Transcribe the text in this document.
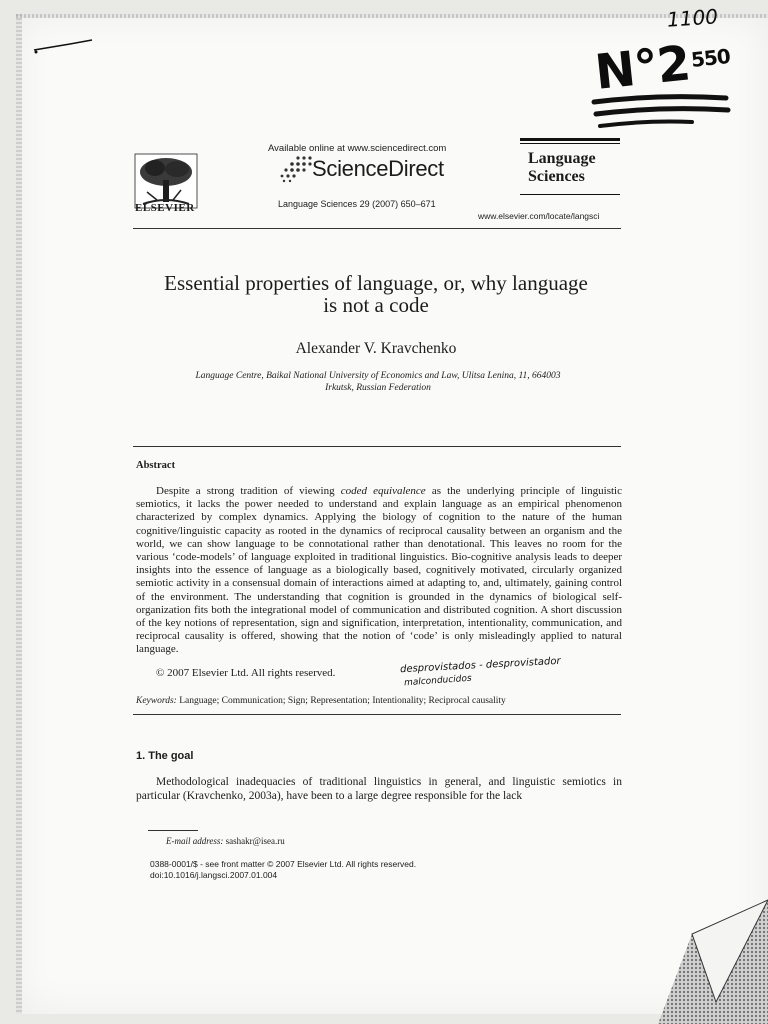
1100
$N^\circ 2^{550}$
ELSEVIER
Available online at www.sciencedirect.com
ScienceDirect
Language Sciences 29 (2007) 650–671
Language
Sciences
www.elsevier.com/locate/langsci
Essential properties of language, or, why language
is not a code
Alexander V. Kravchenko
Language Centre, Baikal National University of Economics and Law, Ulitsa Lenina, 11, 664003
Irkutsk, Russian Federation
Abstract
Despite a strong tradition of viewing coded equivalence as the underlying principle of linguistic semiotics, it lacks the power needed to understand and explain language as an empirical phenomenon characterized by complex dynamics. Applying the biology of cognition to the nature of the human cognitive/linguistic capacity as rooted in the dynamics of reciprocal causality between an organism and the world, we can show language to be connotational rather than denotational. This leaves no room for the various ‘code-models’ of language exploited in traditional linguistics. Bio-cognitive analysis leads to deeper insights into the essence of language as a biologically based, cognitively motivated, circularly organized semiotic activity in a consensual domain of interactions aimed at adapting to, and, ultimately, gaining control of the environment. The understanding that cognition is grounded in the dynamics of biological self-organization fits both the integrational model of communication and distributed cognition. A short discussion of the key notions of representation, sign and signification, interpretation, intentionality, communication, and reciprocal causality is offered, showing that the notion of ‘code’ is only misleadingly applied to natural language.
© 2007 Elsevier Ltd. All rights reserved.	desprovistados - desprovistador
malconducidos
Keywords: Language; Communication; Sign; Representation; Intentionality; Reciprocal causality
1. The goal
Methodological inadequacies of traditional linguistics in general, and linguistic semiotics in particular (Kravchenko, 2003a), have been to a large degree responsible for the lack
E-mail address: sashakr@isea.ru
0388-0001/$ - see front matter © 2007 Elsevier Ltd. All rights reserved.
doi:10.1016/j.langsci.2007.01.004
